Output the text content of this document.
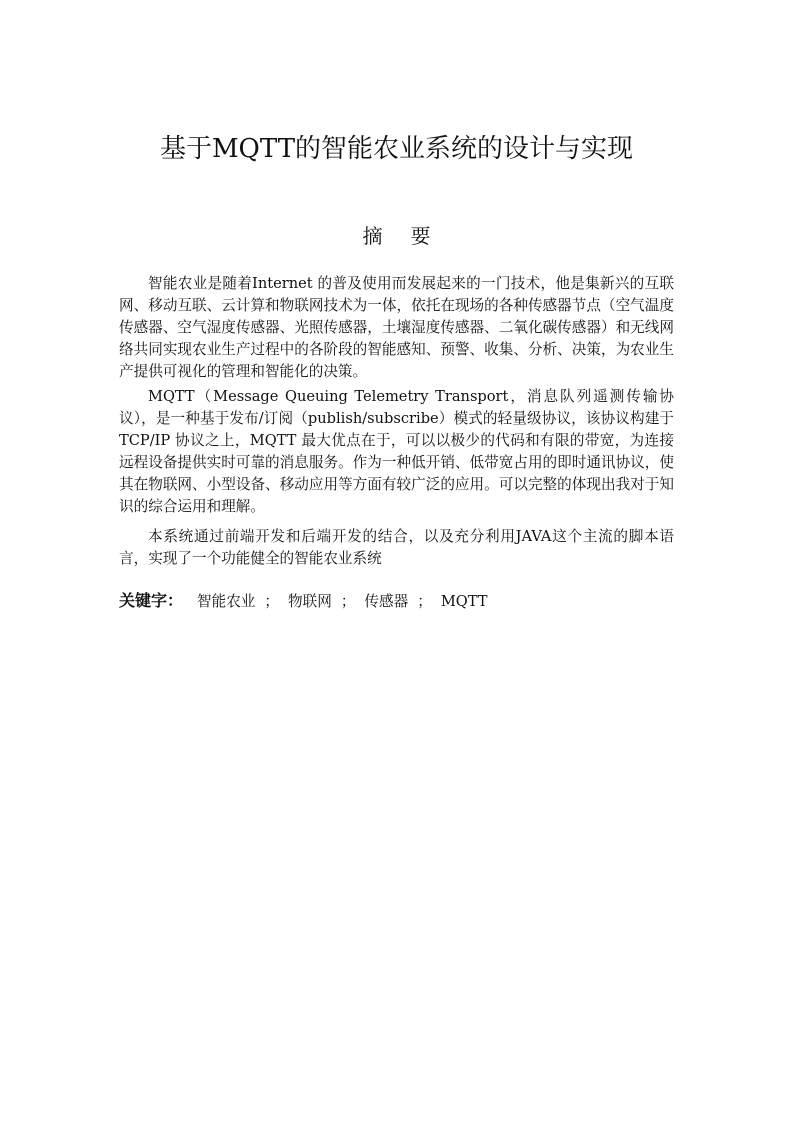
基于MQTT的智能农业系统的设计与实现
摘 要

智能农业是随着Internet 的普及使用而发展起来的一门技术，他是集新兴的互联网、移动互联、云计算和物联网技术为一体，依托在现场的各种传感器节点（空气温度传感器、空气湿度传感器、光照传感器，土壤湿度传感器、二氧化碳传感器）和无线网络共同实现农业生产过程中的各阶段的智能感知、预警、收集、分析、决策，为农业生产提供可视化的管理和智能化的决策。

MQTT（Message Queuing Telemetry Transport，消息队列遥测传输协议），是一种基于发布/订阅（publish/subscribe）模式的轻量级协议，该协议构建于TCP/IP 协议之上，MQTT 最大优点在于，可以以极少的代码和有限的带宽，为连接远程设备提供实时可靠的消息服务。作为一种低开销、低带宽占用的即时通讯协议，使其在物联网、小型设备、移动应用等方面有较广泛的应用。可以完整的体现出我对于知识的综合运用和理解。

本系统通过前端开发和后端开发的结合，以及充分利用JAVA这个主流的脚本语言，实现了一个功能健全的智能农业系统

关键字： 智能农业 ； 物联网 ； 传感器 ； MQTT
